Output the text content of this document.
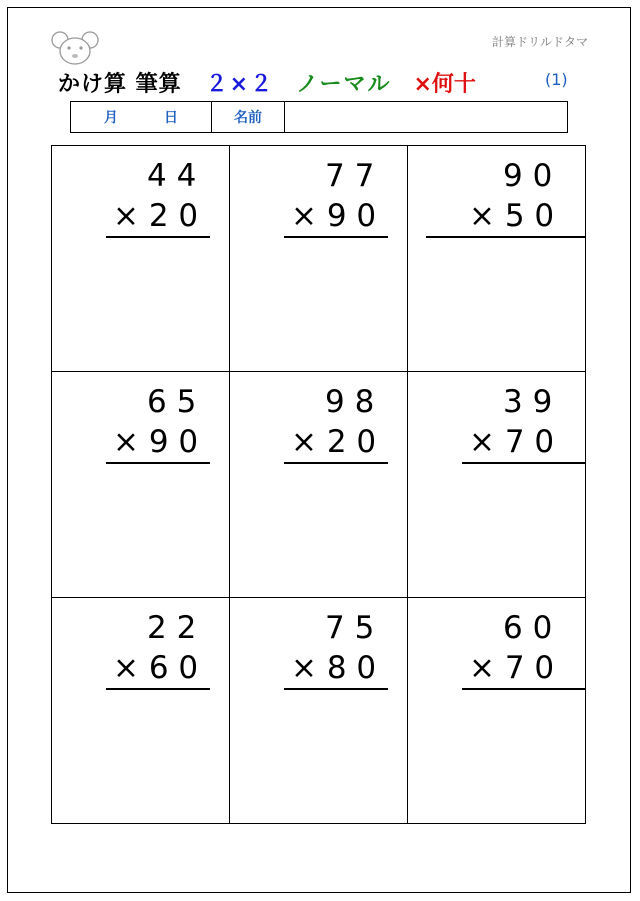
計算ドリルドタマ
かけ算 筆算 ２×２ ノーマル ×何十	(1)
月	日	名前
4 4
× 2 0
7 7
× 9 0
9 0
× 5 0
6 5
× 9 0
9 8
× 2 0
3 9
× 7 0
2 2
× 6 0
7 5
× 8 0
6 0
× 7 0
